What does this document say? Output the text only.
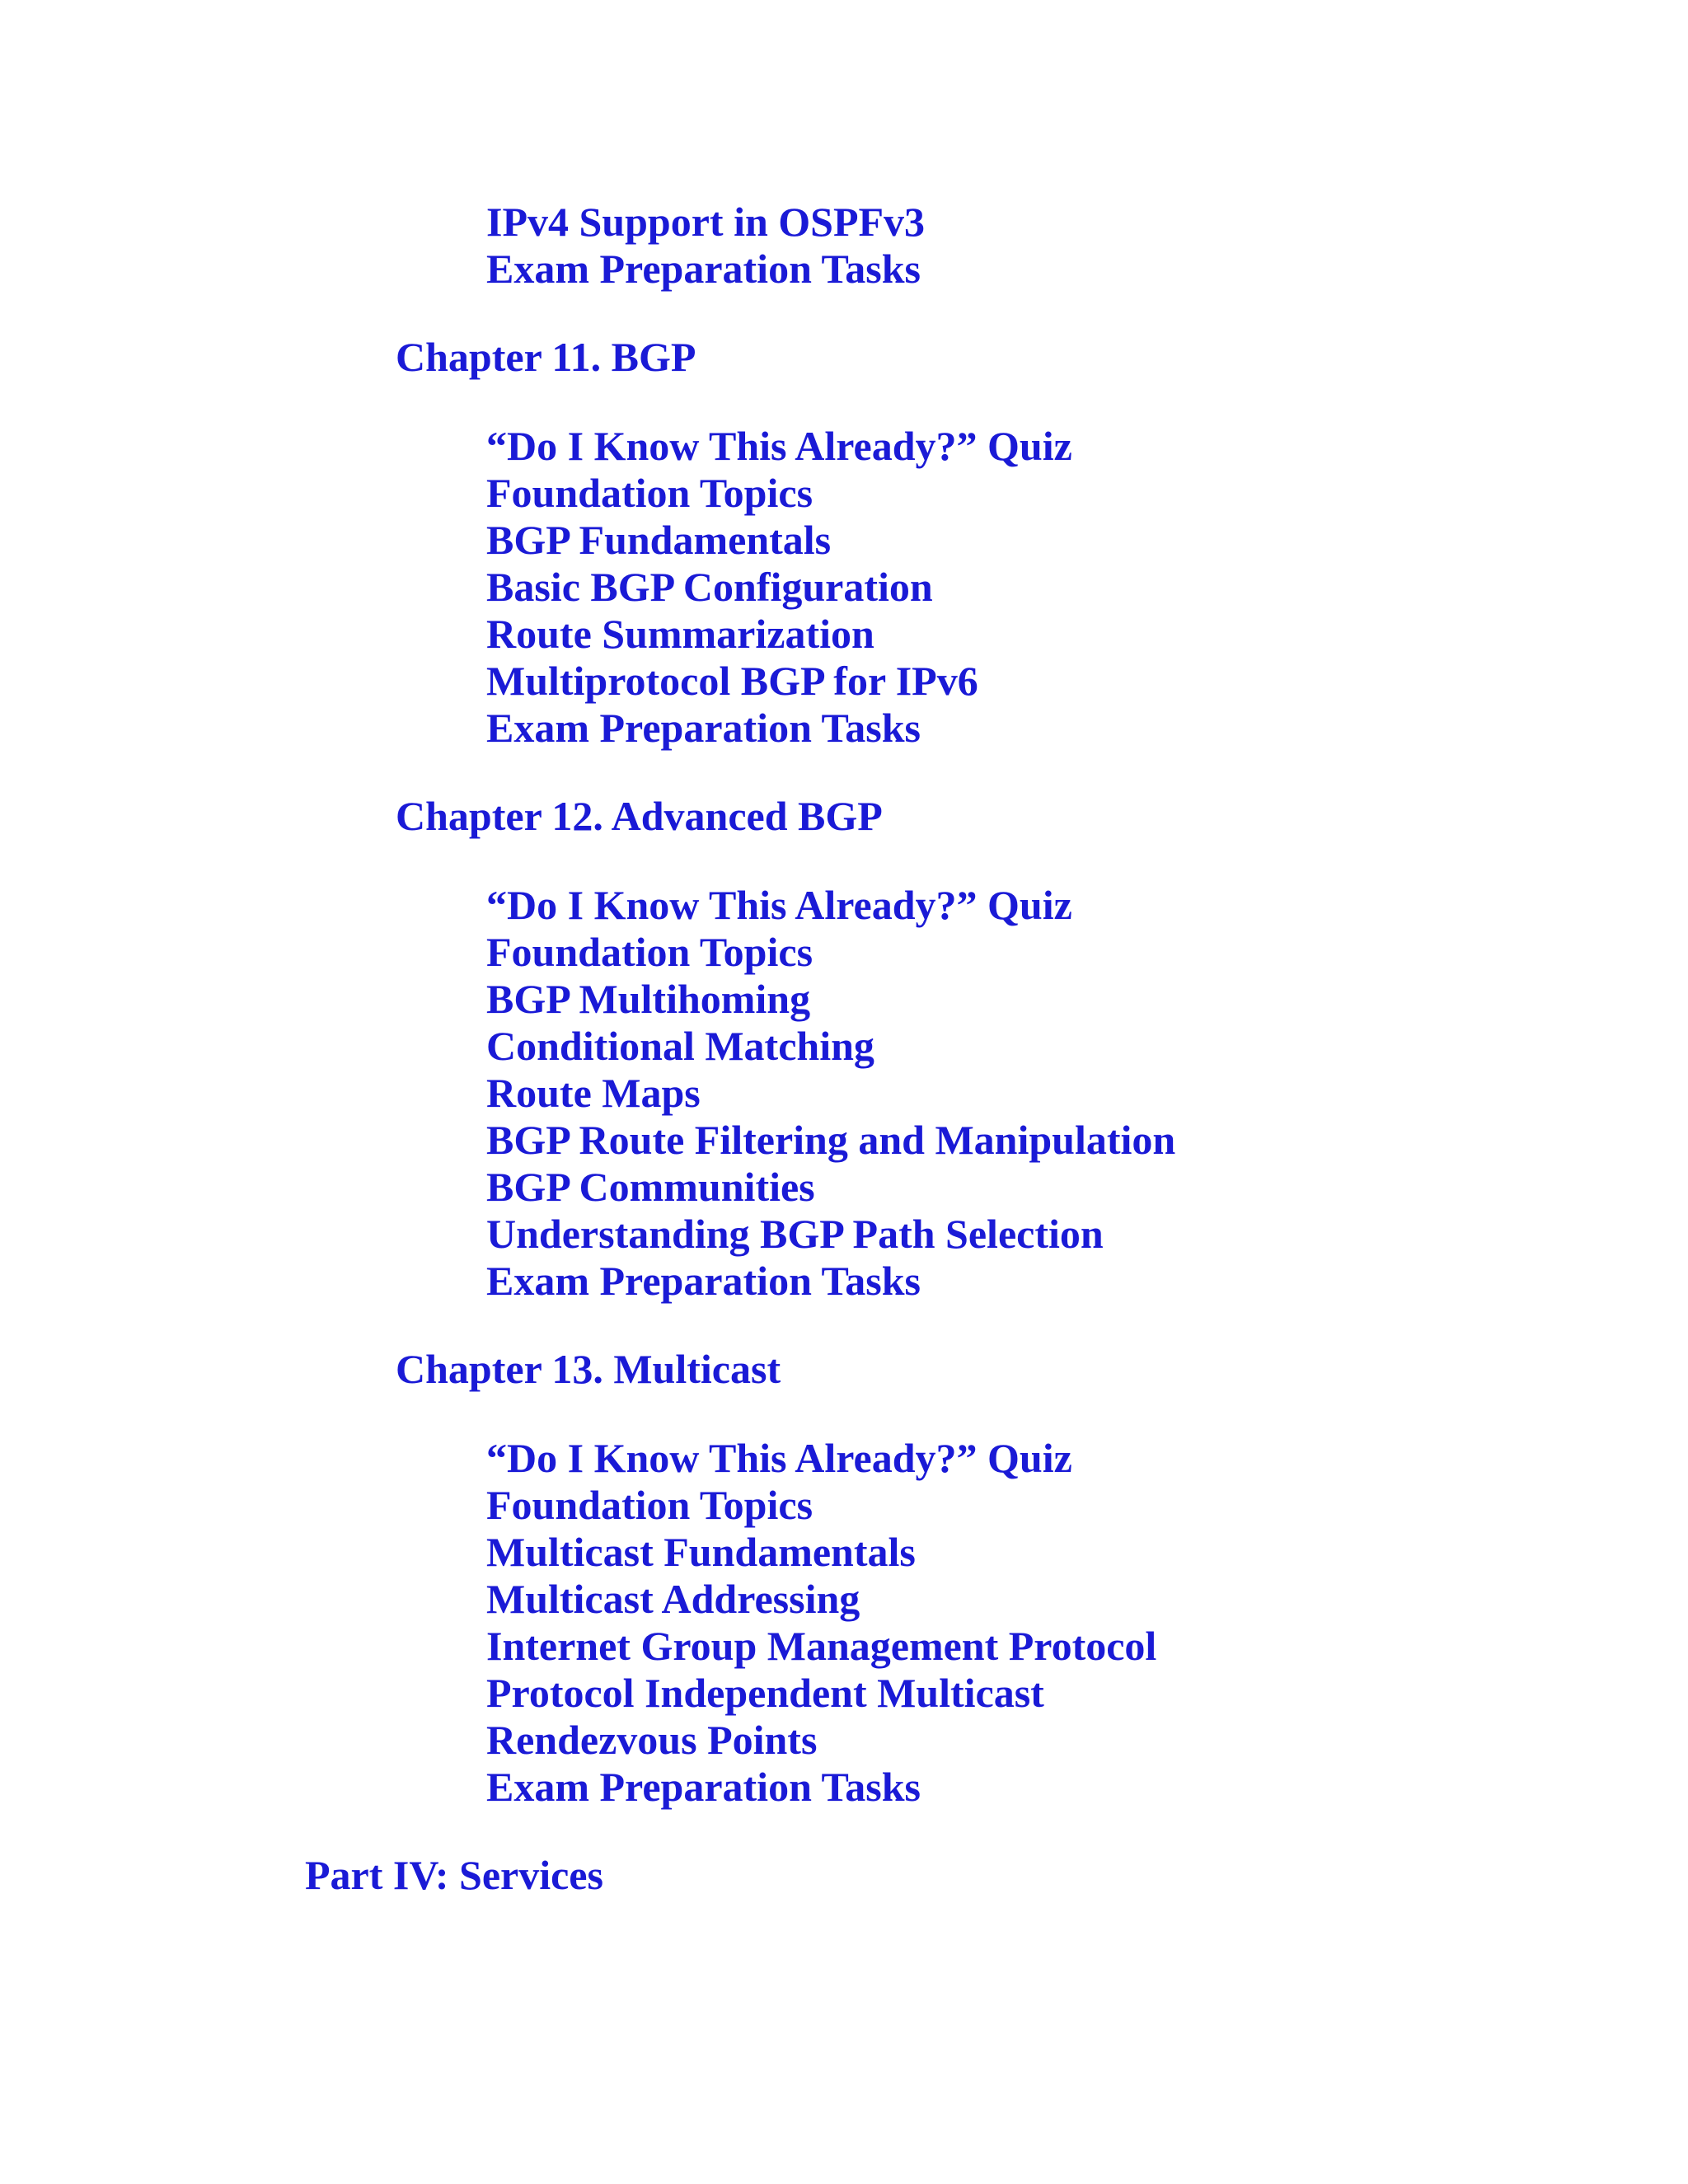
IPv4 Support in OSPFv3

Exam Preparation Tasks

Chapter 11. BGP

“Do I Know This Already?” Quiz

Foundation Topics

BGP Fundamentals

Basic BGP Configuration

Route Summarization

Multiprotocol BGP for IPv6

Exam Preparation Tasks

Chapter 12. Advanced BGP

“Do I Know This Already?” Quiz

Foundation Topics

BGP Multihoming

Conditional Matching

Route Maps

BGP Route Filtering and Manipulation

BGP Communities

Understanding BGP Path Selection

Exam Preparation Tasks

Chapter 13. Multicast

“Do I Know This Already?” Quiz

Foundation Topics

Multicast Fundamentals

Multicast Addressing

Internet Group Management Protocol

Protocol Independent Multicast

Rendezvous Points

Exam Preparation Tasks

Part IV: Services
